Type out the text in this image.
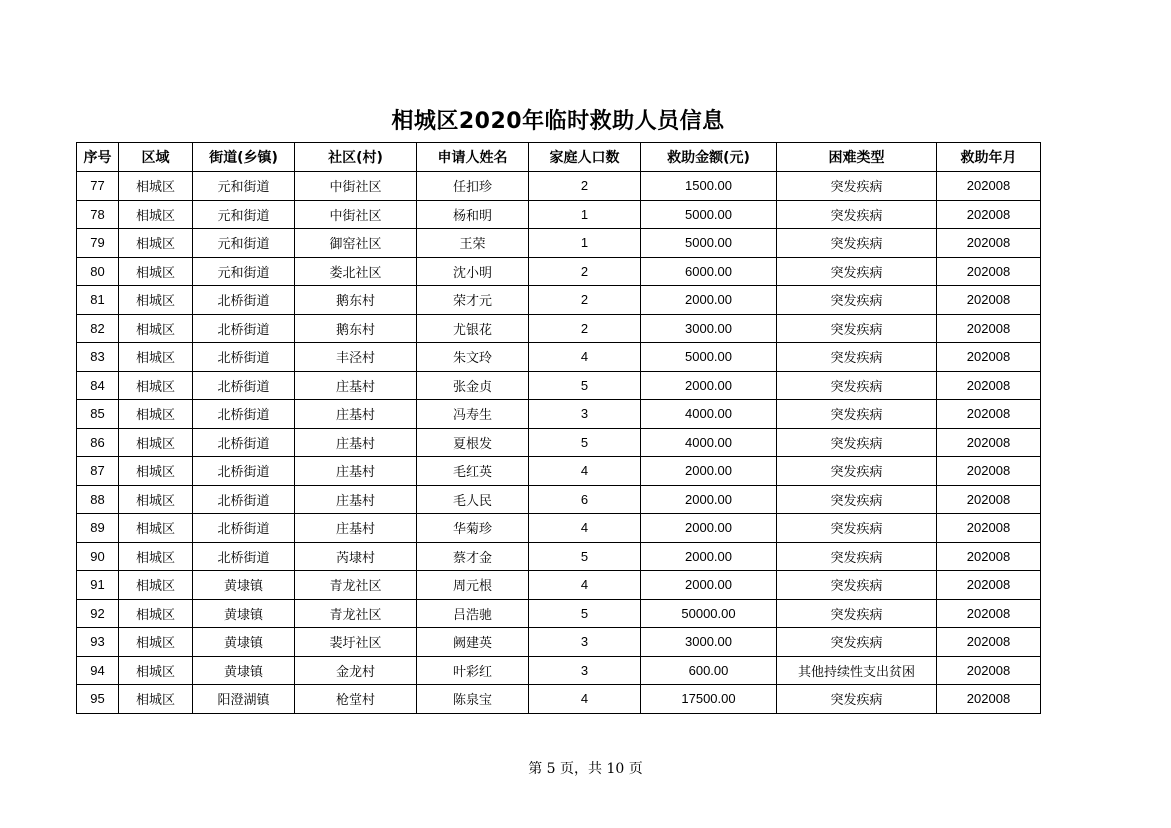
相城区2020年临时救助人员信息
序号	区域	街道(乡镇)	社区(村)	申请人姓名	家庭人口数	救助金额(元)	困难类型	救助年月
77	相城区	元和街道	中街社区	任扣珍	2	1500.00	突发疾病	202008
78	相城区	元和街道	中街社区	杨和明	1	5000.00	突发疾病	202008
79	相城区	元和街道	御窑社区	王荣	1	5000.00	突发疾病	202008
80	相城区	元和街道	娄北社区	沈小明	2	6000.00	突发疾病	202008
81	相城区	北桥街道	鹅东村	荣才元	2	2000.00	突发疾病	202008
82	相城区	北桥街道	鹅东村	尤银花	2	3000.00	突发疾病	202008
83	相城区	北桥街道	丰泾村	朱文玲	4	5000.00	突发疾病	202008
84	相城区	北桥街道	庄基村	张金贞	5	2000.00	突发疾病	202008
85	相城区	北桥街道	庄基村	冯寿生	3	4000.00	突发疾病	202008
86	相城区	北桥街道	庄基村	夏根发	5	4000.00	突发疾病	202008
87	相城区	北桥街道	庄基村	毛红英	4	2000.00	突发疾病	202008
88	相城区	北桥街道	庄基村	毛人民	6	2000.00	突发疾病	202008
89	相城区	北桥街道	庄基村	华菊珍	4	2000.00	突发疾病	202008
90	相城区	北桥街道	芮埭村	蔡才金	5	2000.00	突发疾病	202008
91	相城区	黄埭镇	青龙社区	周元根	4	2000.00	突发疾病	202008
92	相城区	黄埭镇	青龙社区	吕浩驰	5	50000.00	突发疾病	202008
93	相城区	黄埭镇	裴圩社区	阙建英	3	3000.00	突发疾病	202008
94	相城区	黄埭镇	金龙村	叶彩红	3	600.00	其他持续性支出贫困	202008
95	相城区	阳澄湖镇	枪堂村	陈泉宝	4	17500.00	突发疾病	202008
第 5 页，共 10 页
